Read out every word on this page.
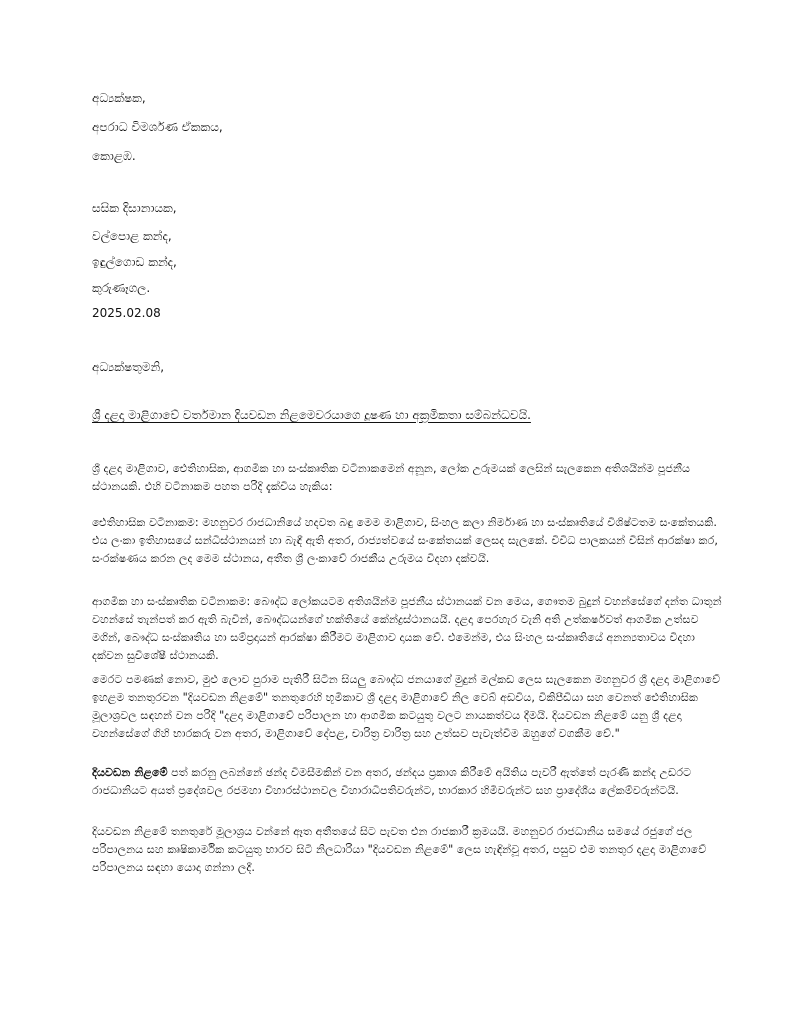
අධ්‍යක්ෂක,

අපරාධ විමර්ශණ ඒකකය,

කොළඹ.

සසික දිසානායක,

වල්පොළ කන්ද,

ඉඳුල්ගොඩ කන්ද,

කුරුණෑගල.

2025.02.08

අධ්‍යක්ෂතුමනි,

ශ්‍රී දළදා මාළිගාවේ වර්තමාන දියවඩන නිළමෙවරයාගෙ දූෂණ හා අක්‍රමිකතා සම්බන්ධවයි.

ශ්‍රී දළදා මාළිගාව, ඓතිහාසික, ආගමික හා සංස්කෘතික වටිනාකමෙන් අනූන, ලෝක උරුමයක් ලෙසින් සැලකෙන අතිශයින්ම පූජනීය ස්ථානයකි. එහි වටිනාකම පහත පරිදි දැක්විය හැකිය:

ඓතිහාසික වටිනාකම: මහනුවර රාජධානියේ හදවත බඳු මෙම මාළිගාව, සිංහල කලා නිර්මාණ හා සංස්කෘතියේ විශිෂ්ටතම සංකේතයකි. එය ලංකා ඉතිහාසයේ සන්ධිස්ථානයන් හා බැඳී ඇති අතර, රාජ්‍යත්වයේ සංකේතයක් ලෙසද සැලකේ. විවිධ පාලකයන් විසින් ආරක්ෂා කර, සංරක්ෂණය කරන ලද මෙම ස්ථානය, අතීත ශ්‍රී ලංකාවේ රාජකීය උරුමය විදහා දක්වයි.

ආගමික හා සංස්කෘතික වටිනාකම: බෞද්ධ ලෝකයටම අතිශයින්ම පූජනීය ස්ථානයක් වන මෙය, ගෞතම බුදුන් වහන්සේගේ දන්ත ධාතූන් වහන්සේ තැන්පත් කර ඇති බැවින්, බෞද්ධයන්ගේ භක්තියේ කේන්ද්‍රස්ථානයයි. දළදා පෙරහැර වැනි අති උත්කර්ෂවත් ආගමික උත්සව මගින්, බෞද්ධ සංස්කෘතිය හා සම්ප්‍රදායන් ආරක්ෂා කිරීමට මාළිගාව දායක වේ. එමෙන්ම, එය සිංහල සංස්කෘතියේ අනන්‍යතාවය විදහා දක්වන සුවිශේෂී ස්ථානයකි.

මෙරට පමණක් නොව, මුළු ලොව පුරාම පැතිරී සිටින සියලු බෞද්ධ ජනයාගේ මුදුන් මල්කඩ ලෙස සැලකෙන මහනුවර ශ්‍රී දළදා මාළිගාවේ ඉහළම තනතුරවන "දියවඩන නිළමේ" තනතුරෙහි භූමිකාව ශ්‍රී දළදා මාළිගාවේ නිල වෙබ් අඩවිය, විකිපීඩියා සහ වෙනත් ඓතිහාසික මූලාශ්‍රවල සඳහන් වන පරිදි "දළදා මාළිගාවේ පරිපාලන හා ආගමික කටයුතු වලට නායකත්වය දීමයි. දියවඩන නිළමේ යනු ශ්‍රී දළදා වහන්සේගේ ගිහි භාරකරු වන අතර, මාළිගාවේ දේපළ, චාරිත්‍ර වාරිත්‍ර සහ උත්සව පැවැත්වීම ඔහුගේ වගකීම වේ."

දියවඩන නිළමේ පත් කරනු ලබන්නේ ඡන්ද විමසීමකින් වන අතර, ඡන්දය ප්‍රකාශ කිරීමේ අයිතිය පැවරී ඇත්තේ පැරණි කන්ද උඩරට රාජධානියට අයත් ප්‍රදේශවල රජමහා විහාරස්ථානවල විහාරාධිපතිවරුන්ට, භාරකාර හිමිවරුන්ට සහ ප්‍රාදේශීය ලේකම්වරුන්ටයි.

දියවඩන නිළමේ තනතුරේ මූලාශ්‍රය වන්නේ ඈත අතීතයේ සිට පැවත එන රාජකාරී ක්‍රමයයි. මහනුවර රාජධානිය සමයේ රජුගේ ජල පරිපාලනය සහ කෘෂිකාර්මික කටයුතු භාරව සිටි නිලධාරියා "දියවඩන නිළමේ" ලෙස හැඳින්වූ අතර, පසුව එම තනතුර දළදා මාළිගාවේ පරිපාලනය සඳහා යොදා ගන්නා ලදී.
